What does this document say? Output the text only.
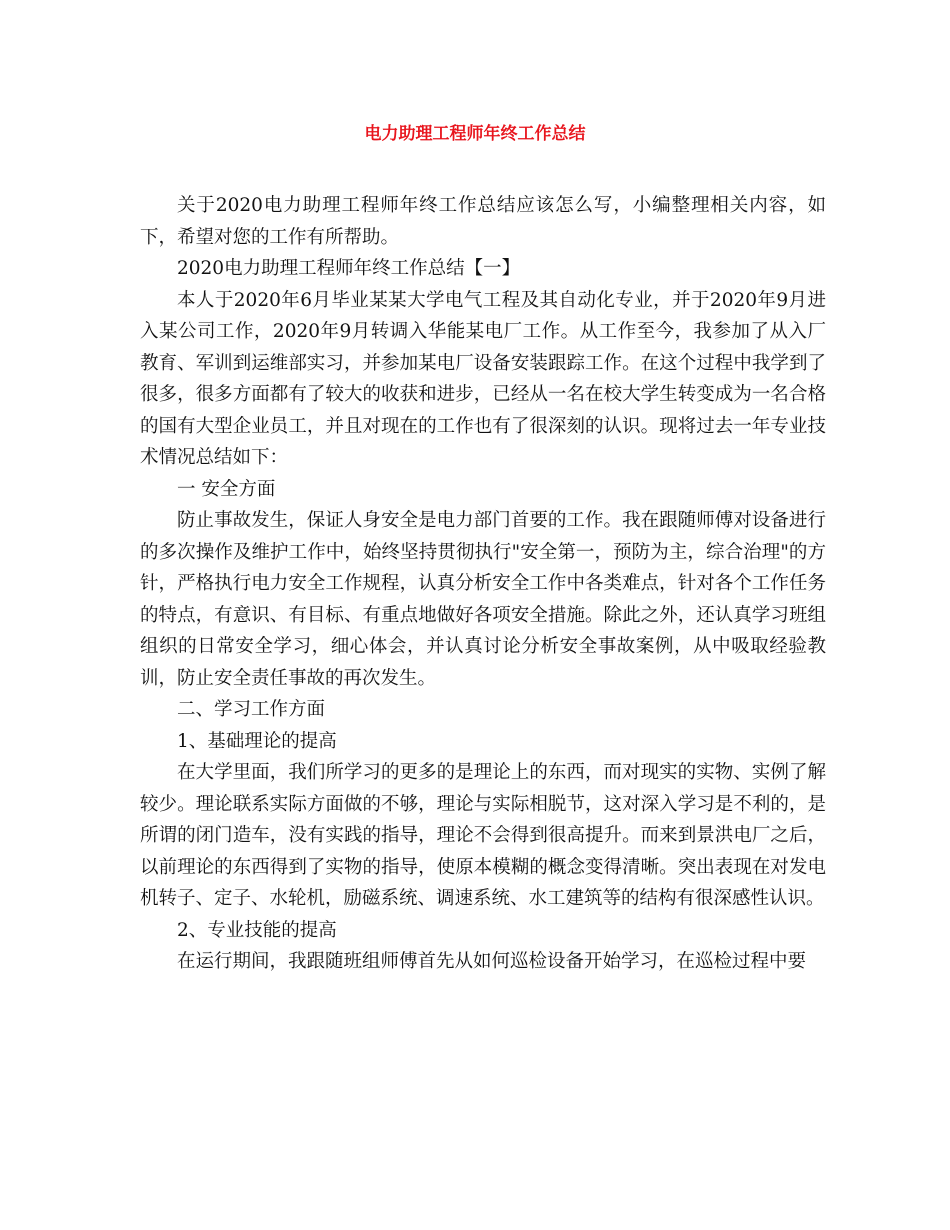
电力助理工程师年终工作总结

关于2020电力助理工程师年终工作总结应该怎么写，小编整理相关内容，如下，希望对您的工作有所帮助。

2020电力助理工程师年终工作总结【一】

本人于2020年6月毕业某某大学电气工程及其自动化专业，并于2020年9月进入某公司工作，2020年9月转调入华能某电厂工作。从工作至今，我参加了从入厂教育、军训到运维部实习，并参加某电厂设备安装跟踪工作。在这个过程中我学到了很多，很多方面都有了较大的收获和进步，已经从一名在校大学生转变成为一名合格的国有大型企业员工，并且对现在的工作也有了很深刻的认识。现将过去一年专业技术情况总结如下：

一 安全方面

防止事故发生，保证人身安全是电力部门首要的工作。我在跟随师傅对设备进行的多次操作及维护工作中，始终坚持贯彻执行"安全第一，预防为主，综合治理"的方针，严格执行电力安全工作规程，认真分析安全工作中各类难点，针对各个工作任务的特点，有意识、有目标、有重点地做好各项安全措施。除此之外，还认真学习班组组织的日常安全学习，细心体会，并认真讨论分析安全事故案例，从中吸取经验教训，防止安全责任事故的再次发生。

二、学习工作方面

1、基础理论的提高

在大学里面，我们所学习的更多的是理论上的东西，而对现实的实物、实例了解较少。理论联系实际方面做的不够，理论与实际相脱节，这对深入学习是不利的，是所谓的闭门造车，没有实践的指导，理论不会得到很高提升。而来到景洪电厂之后，以前理论的东西得到了实物的指导，使原本模糊的概念变得清晰。突出表现在对发电机转子、定子、水轮机，励磁系统、调速系统、水工建筑等的结构有很深感性认识。

2、专业技能的提高

在运行期间，我跟随班组师傅首先从如何巡检设备开始学习，在巡检过程中要
